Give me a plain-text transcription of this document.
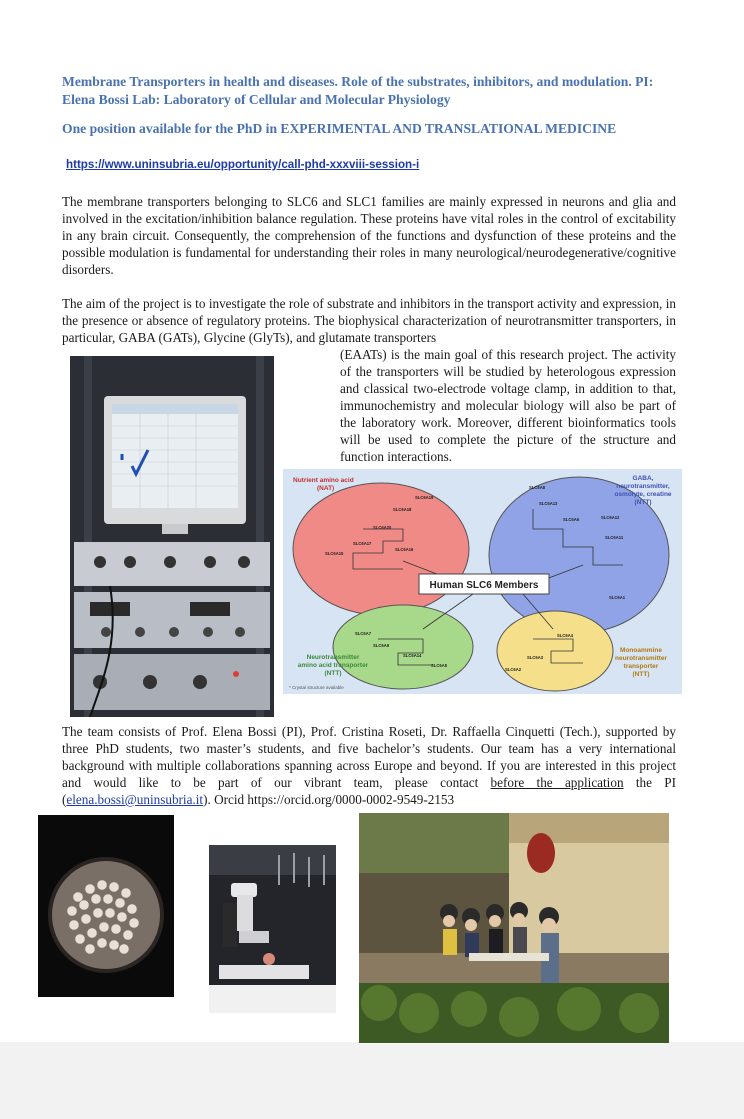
Membrane Transporters in health and diseases. Role of the substrates, inhibitors, and modulation. PI: Elena Bossi Lab: Laboratory of Cellular and Molecular Physiology
One position available for the PhD in EXPERIMENTAL AND TRANSLATIONAL MEDICINE
https://www.uninsubria.eu/opportunity/call-phd-xxxviii-session-i
The membrane transporters belonging to SLC6 and SLC1 families are mainly expressed in neurons and glia and involved in the excitation/inhibition balance regulation. These proteins have vital roles in the control of excitability in any brain circuit. Consequently, the comprehension of the functions and dysfunction of these proteins and the possible modulation is fundamental for understanding their roles in many neurological/neurodegenerative/cognitive disorders.
The aim of the project is to investigate the role of substrate and inhibitors in the transport activity and expression, in the presence or absence of regulatory proteins. The biophysical characterization of neurotransmitter transporters, in particular, GABA (GATs), Glycine (GlyTs), and glutamate transporters
(EAATs) is the main goal of this research project. The activity of the transporters will be studied by heterologous expression and classical two-electrode voltage clamp, in addition to that, immunochemistry and molecular biology will also be part of the laboratory work. Moreover, different bioinformatics tools will be used to complete the picture of the structure and function interactions.
Human SLC6 Members
Nutrient amino acid
(NAT)
GABA,
neurotransmitter,
osmolyte, creatine
(NTT)
Neurotransmitter
amino acid transporter
(NTT)
Monoammine
neurotransmitter
transporter
(NTT)
* Crystal structure available
SLC6A19
SLC6A18
SLC6A20
SLC6A17
SLC6A16
SLC6A15
SLC6A8
SLC6A13
SLC6A6	SLC6A12
SLC6A11
SLC6A1
SLC6A7
SLC6A9
SLC6A14
SLC6A5
SLC6A4
SLC6A3
SLC6A2
The team consists of Prof. Elena Bossi (PI), Prof. Cristina Roseti, Dr. Raffaella Cinquetti (Tech.), supported by three PhD students, two master’s students, and five bachelor’s students. Our team has a very international background with multiple collaborations spanning across Europe and beyond. If you are interested in this project and would like to be part of our vibrant team, please contact before the application the PI (elena.bossi@uninsubria.it). Orcid https://orcid.org/0000-0002-9549-2153
